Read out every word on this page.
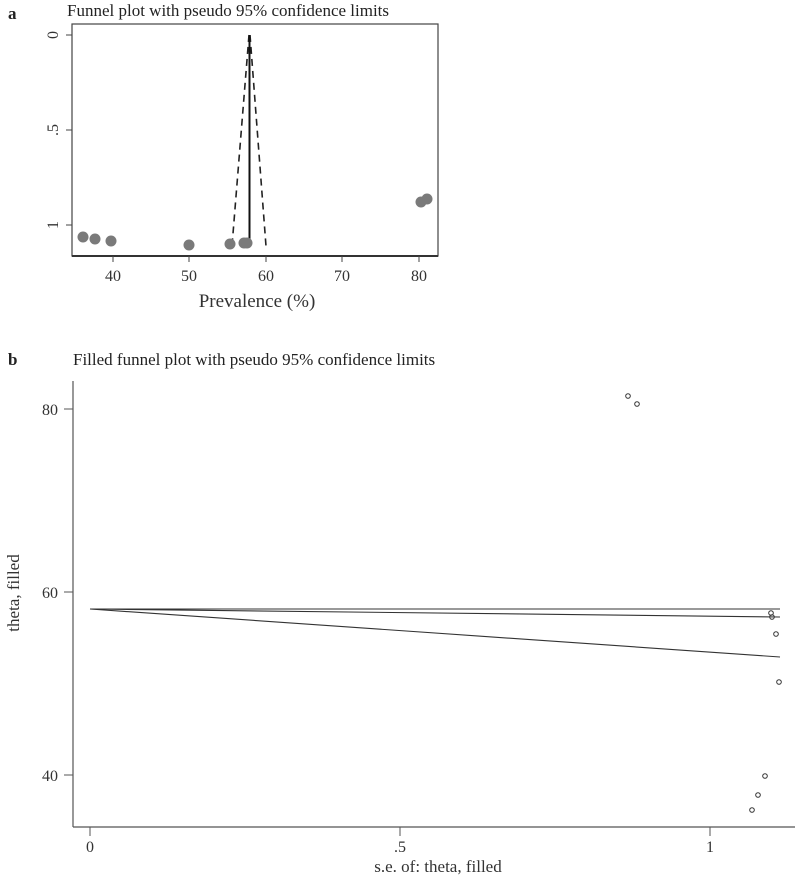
a	Funnel plot with pseudo 95% confidence limits
b	Filled funnel plot with pseudo 95% confidence limits
0
.5
1
40	50	60	70	80
Prevalence (%)
80
60
40
theta, filled
0	.5	1
s.e. of: theta, filled
